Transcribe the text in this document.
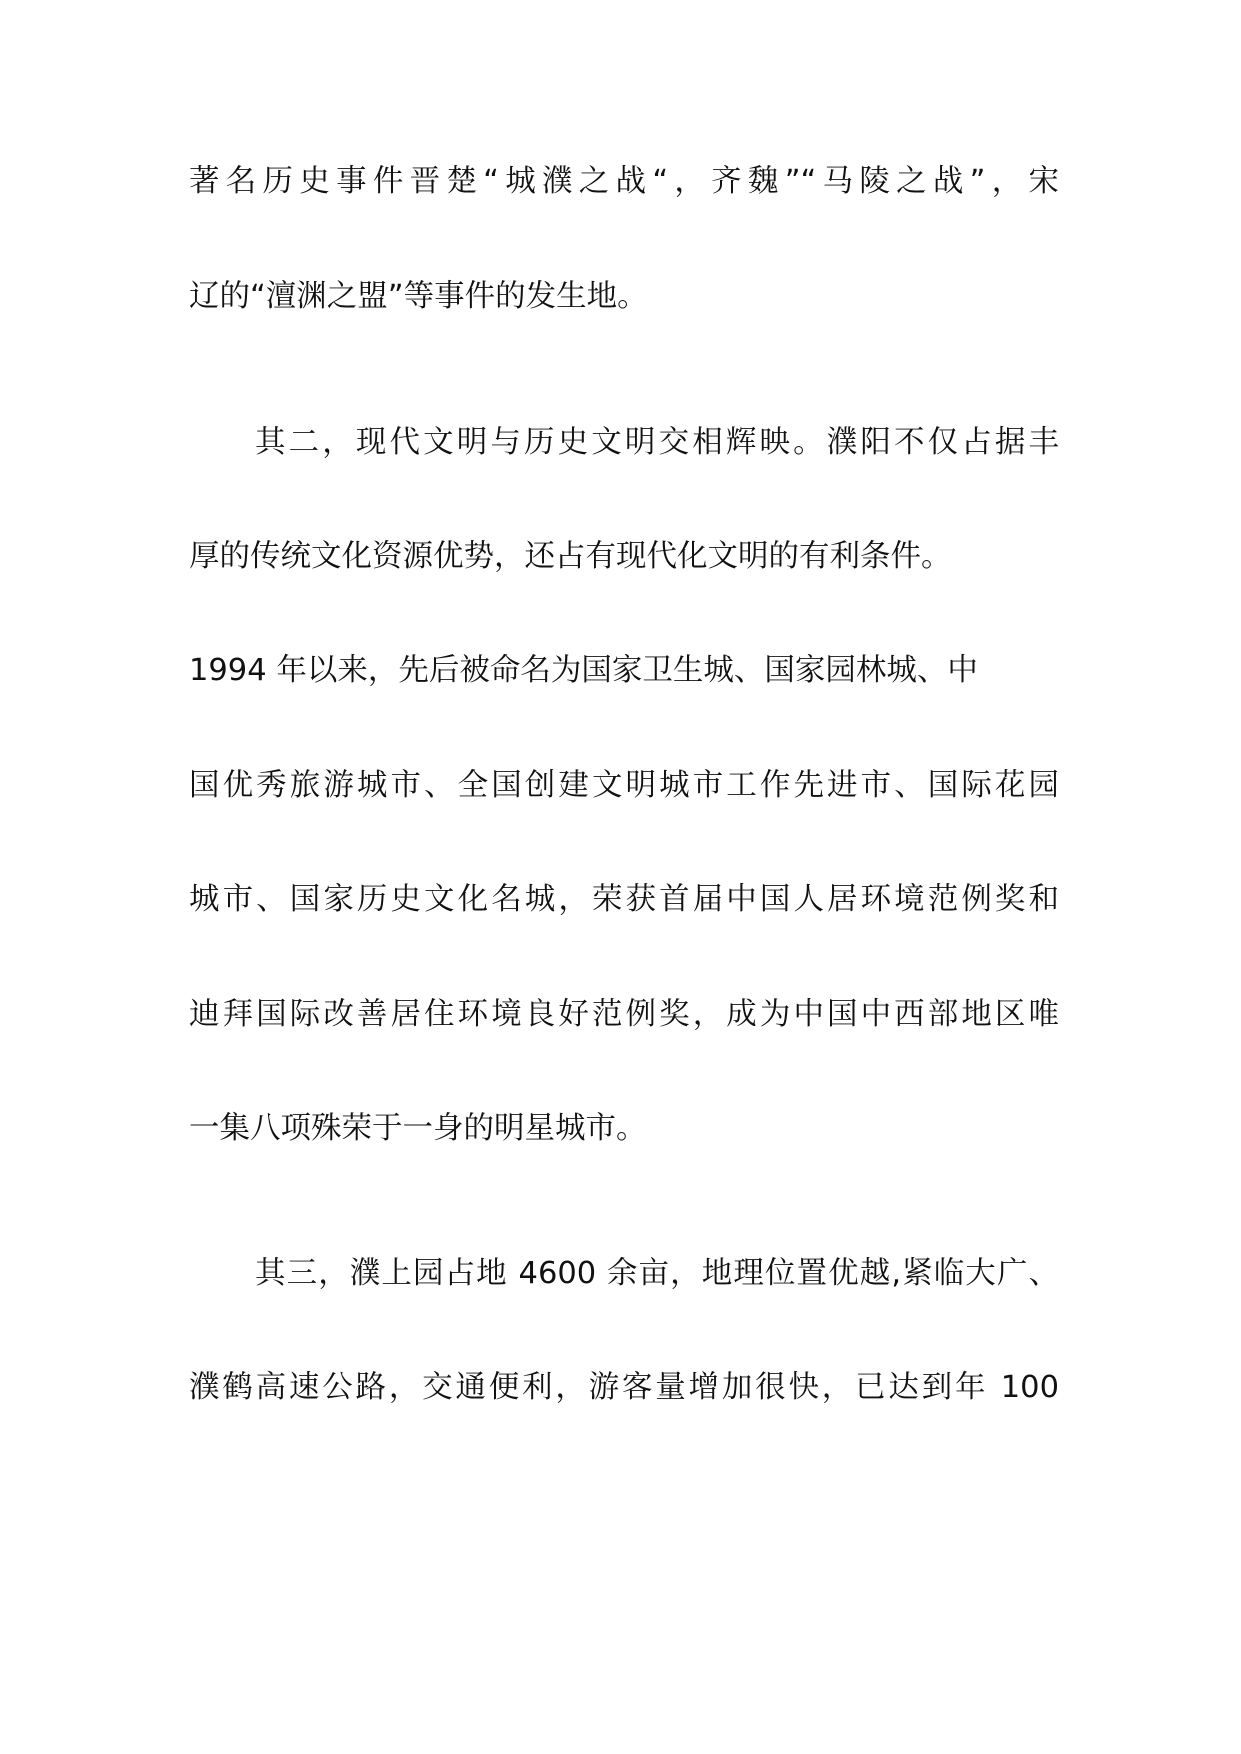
著名历史事件晋楚“城濮之战“，齐魏”“马陵之战”，宋
辽的“澶渊之盟”等事件的发生地。
其二，现代文明与历史文明交相辉映。濮阳不仅占据丰
厚的传统文化资源优势，还占有现代化文明的有利条件。
1994 年以来，先后被命名为国家卫生城、国家园林城、中
国优秀旅游城市、全国创建文明城市工作先进市、国际花园
城市、国家历史文化名城，荣获首届中国人居环境范例奖和
迪拜国际改善居住环境良好范例奖，成为中国中西部地区唯
一集八项殊荣于一身的明星城市。
其三，濮上园占地 4600 余亩，地理位置优越,紧临大广、
濮鹤高速公路，交通便利，游客量增加很快，已达到年 100
